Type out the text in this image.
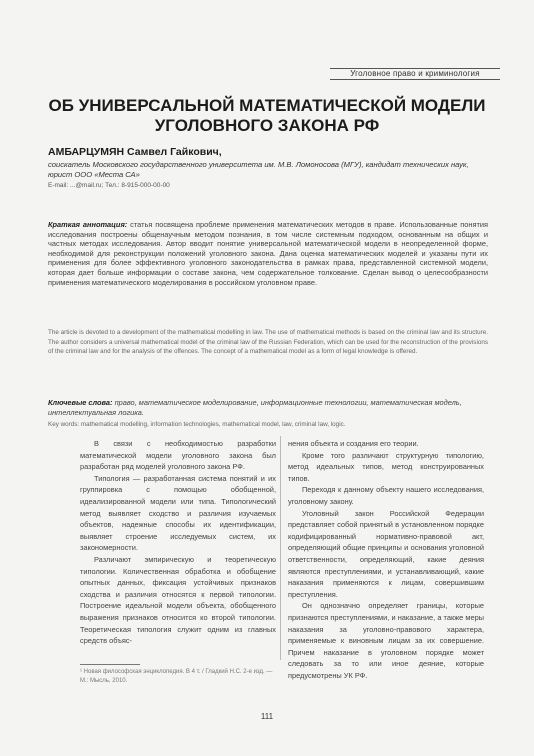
Уголовное право и криминология
ОБ УНИВЕРСАЛЬНОЙ МАТЕМАТИЧЕСКОЙ МОДЕЛИ УГОЛОВНОГО ЗАКОНА РФ
АМБАРЦУМЯН Самвел Гайкович,
соискатель Московского государственного университета им. М.В. Ломоносова (МГУ), кандидат технических наук, юрист ООО «Места СА»
E-mail: ...@mail.ru; Тел.: 8-915-000-00-00
Краткая аннотация: статья посвящена проблеме применения математических методов в праве. Использованные понятия исследования построены общенаучным методом познания, в том числе системным подходом, основанным на общих и частных методах исследования. Автор вводит понятие универсальной математической модели в неопределенной форме, необходимой для реконструкции положений уголовного закона. Дана оценка математических моделей и указаны пути их применения для более эффективного уголовного законодательства в рамках права, представленной системной модели, которая дает больше информации о составе закона, чем содержательное толкование. Сделан вывод о целесообразности применения математического моделирования в российском уголовном праве.
The article is devoted to a development of the mathematical modelling in law. The use of mathematical methods is based on the criminal law and its structure. The author considers a universal mathematical model of the criminal law of the Russian Federation, which can be used for the reconstruction of the provisions of the criminal law and for the analysis of the offences. The concept of a mathematical model as a form of legal knowledge is offered.
Ключевые слова: право, математическое моделирование, информационные технологии, математическая модель, интеллектуальная логика.
Key words: mathematical modelling, information technologies, mathematical model, law, criminal law, logic.

В связи с необходимостью разработки математической модели уголовного закона был разработан ряд моделей уголовного закона РФ.

Типология — разработанная система понятий и их группировка с помощью обобщенной, идеализированной модели или типа. Типологический метод выявляет сходство и различия изучаемых объектов, надежные способы их идентификации, выявляет строение исследуемых систем, их закономерности.

Различают эмпирическую и теоретическую типологии. Количественная обработка и обобщение опытных данных, фиксация устойчивых признаков сходства и различия относятся к первой типологии. Построение идеальной модели объекта, обобщенного выражения признаков относится ко второй типологии. Теоретическая типология служит одним из главных средств объяс-

нения объекта и создания его теории.

Кроме того различают структурную типологию, метод идеальных типов, метод конструированных типов.

Переходя к данному объекту нашего исследования, уголовному закону.

Уголовный закон Российской Федерации представляет собой принятый в установленном порядке кодифицированный нормативно-правовой акт, определяющий общие принципы и основания уголовной ответственности, определяющий, какие деяния являются преступлениями, и устанавливающий, какие наказания применяются к лицам, совершившим преступления.

Он однозначно определяет границы, которые признаются преступлениями, и наказание, а также меры наказания за уголовно-правового характера, применяемые к виновным лицам за их совершение. Причем наказание в уголовном порядке может следовать за то или иное деяние, которые предусмотрены УК РФ.

¹ Новая философская энциклопедия. В 4 т. / Гладкий Н.С. 2-е изд. — М.: Мысль, 2010.
111
